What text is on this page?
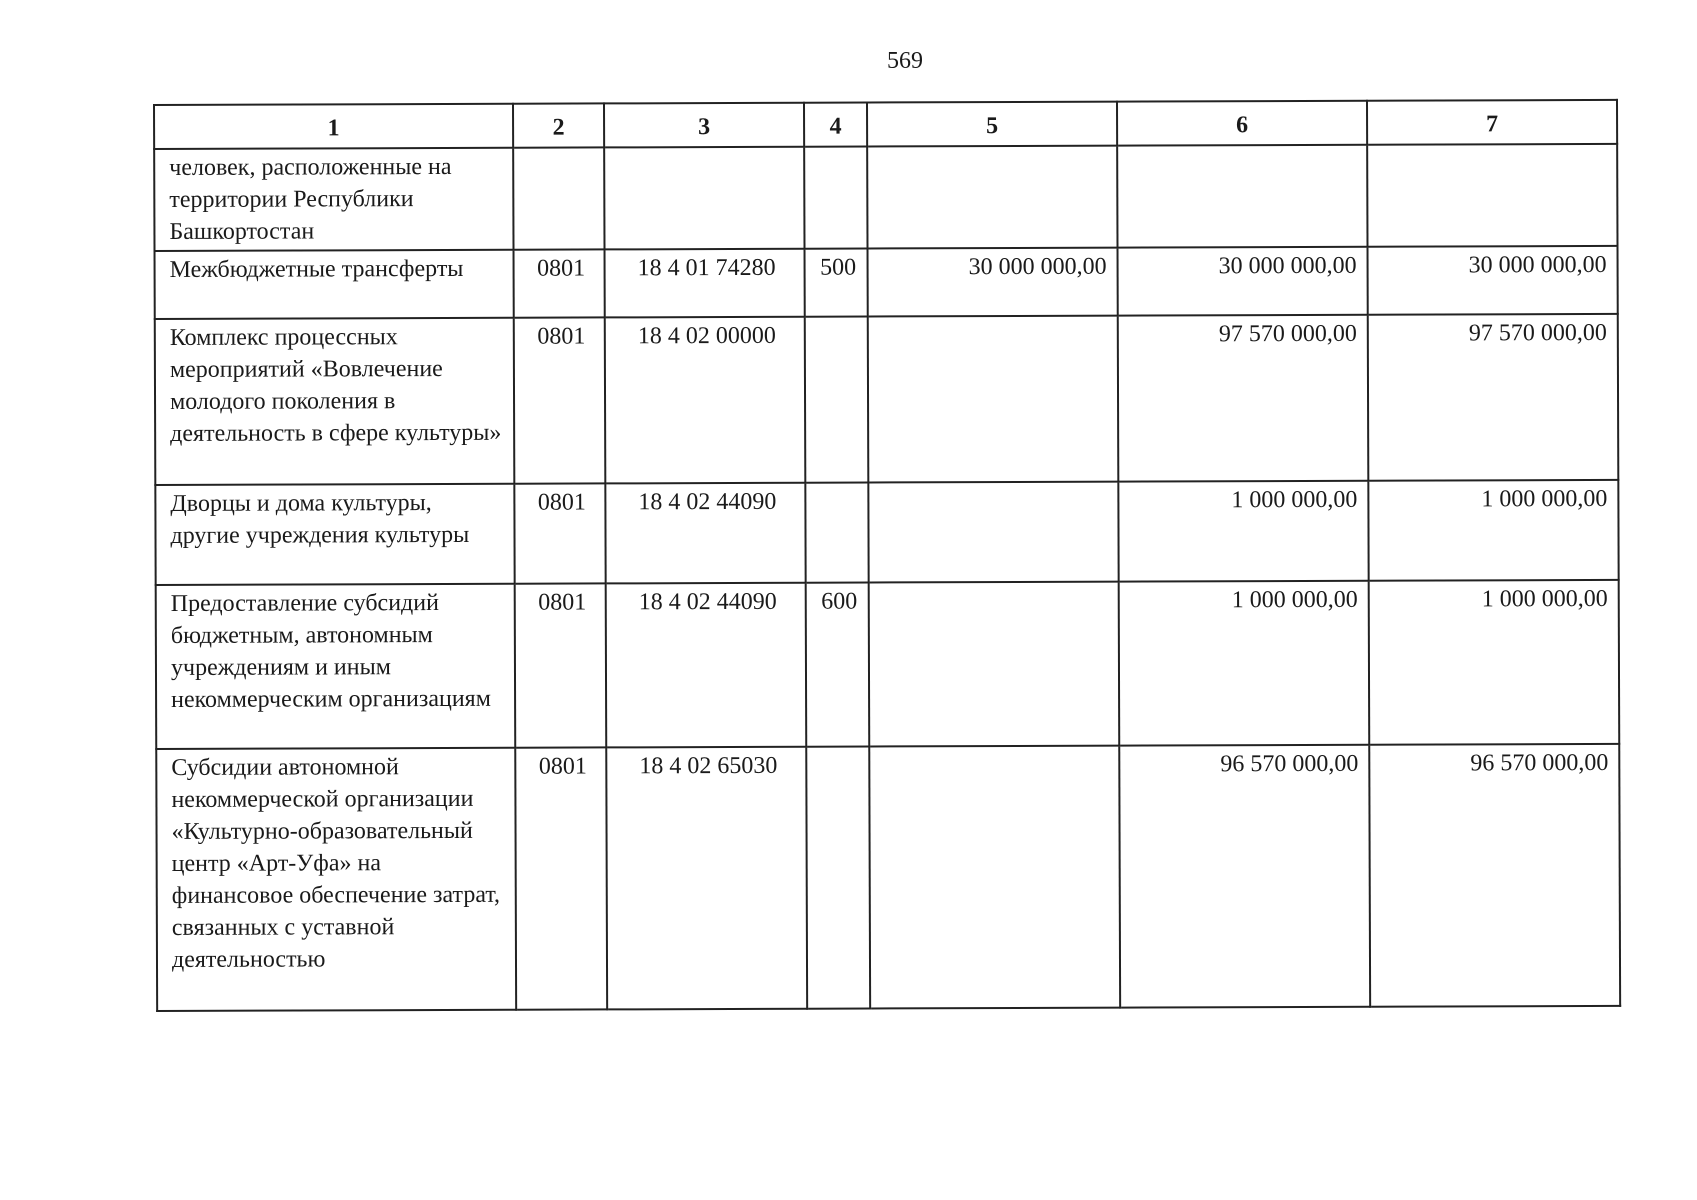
569
1	2	3	4	5	6	7
человек, расположенные на территории Республики Башкортостан						
Межбюджетные трансферты	0801	18 4 01 74280	500	30 000 000,00	30 000 000,00	30 000 000,00
Комплекс процессных мероприятий «Вовлечение молодого поколения в деятельность в сфере культуры»	0801	18 4 02 00000			97 570 000,00	97 570 000,00
Дворцы и дома культуры, другие учреждения культуры	0801	18 4 02 44090			1 000 000,00	1 000 000,00
Предоставление субсидий бюджетным, автономным учреждениям и иным некоммерческим организациям	0801	18 4 02 44090	600		1 000 000,00	1 000 000,00
Субсидии автономной некоммерческой организации «Культурно-образовательный центр «Арт-Уфа» на финансовое обеспечение затрат, связанных с уставной деятельностью	0801	18 4 02 65030			96 570 000,00	96 570 000,00
